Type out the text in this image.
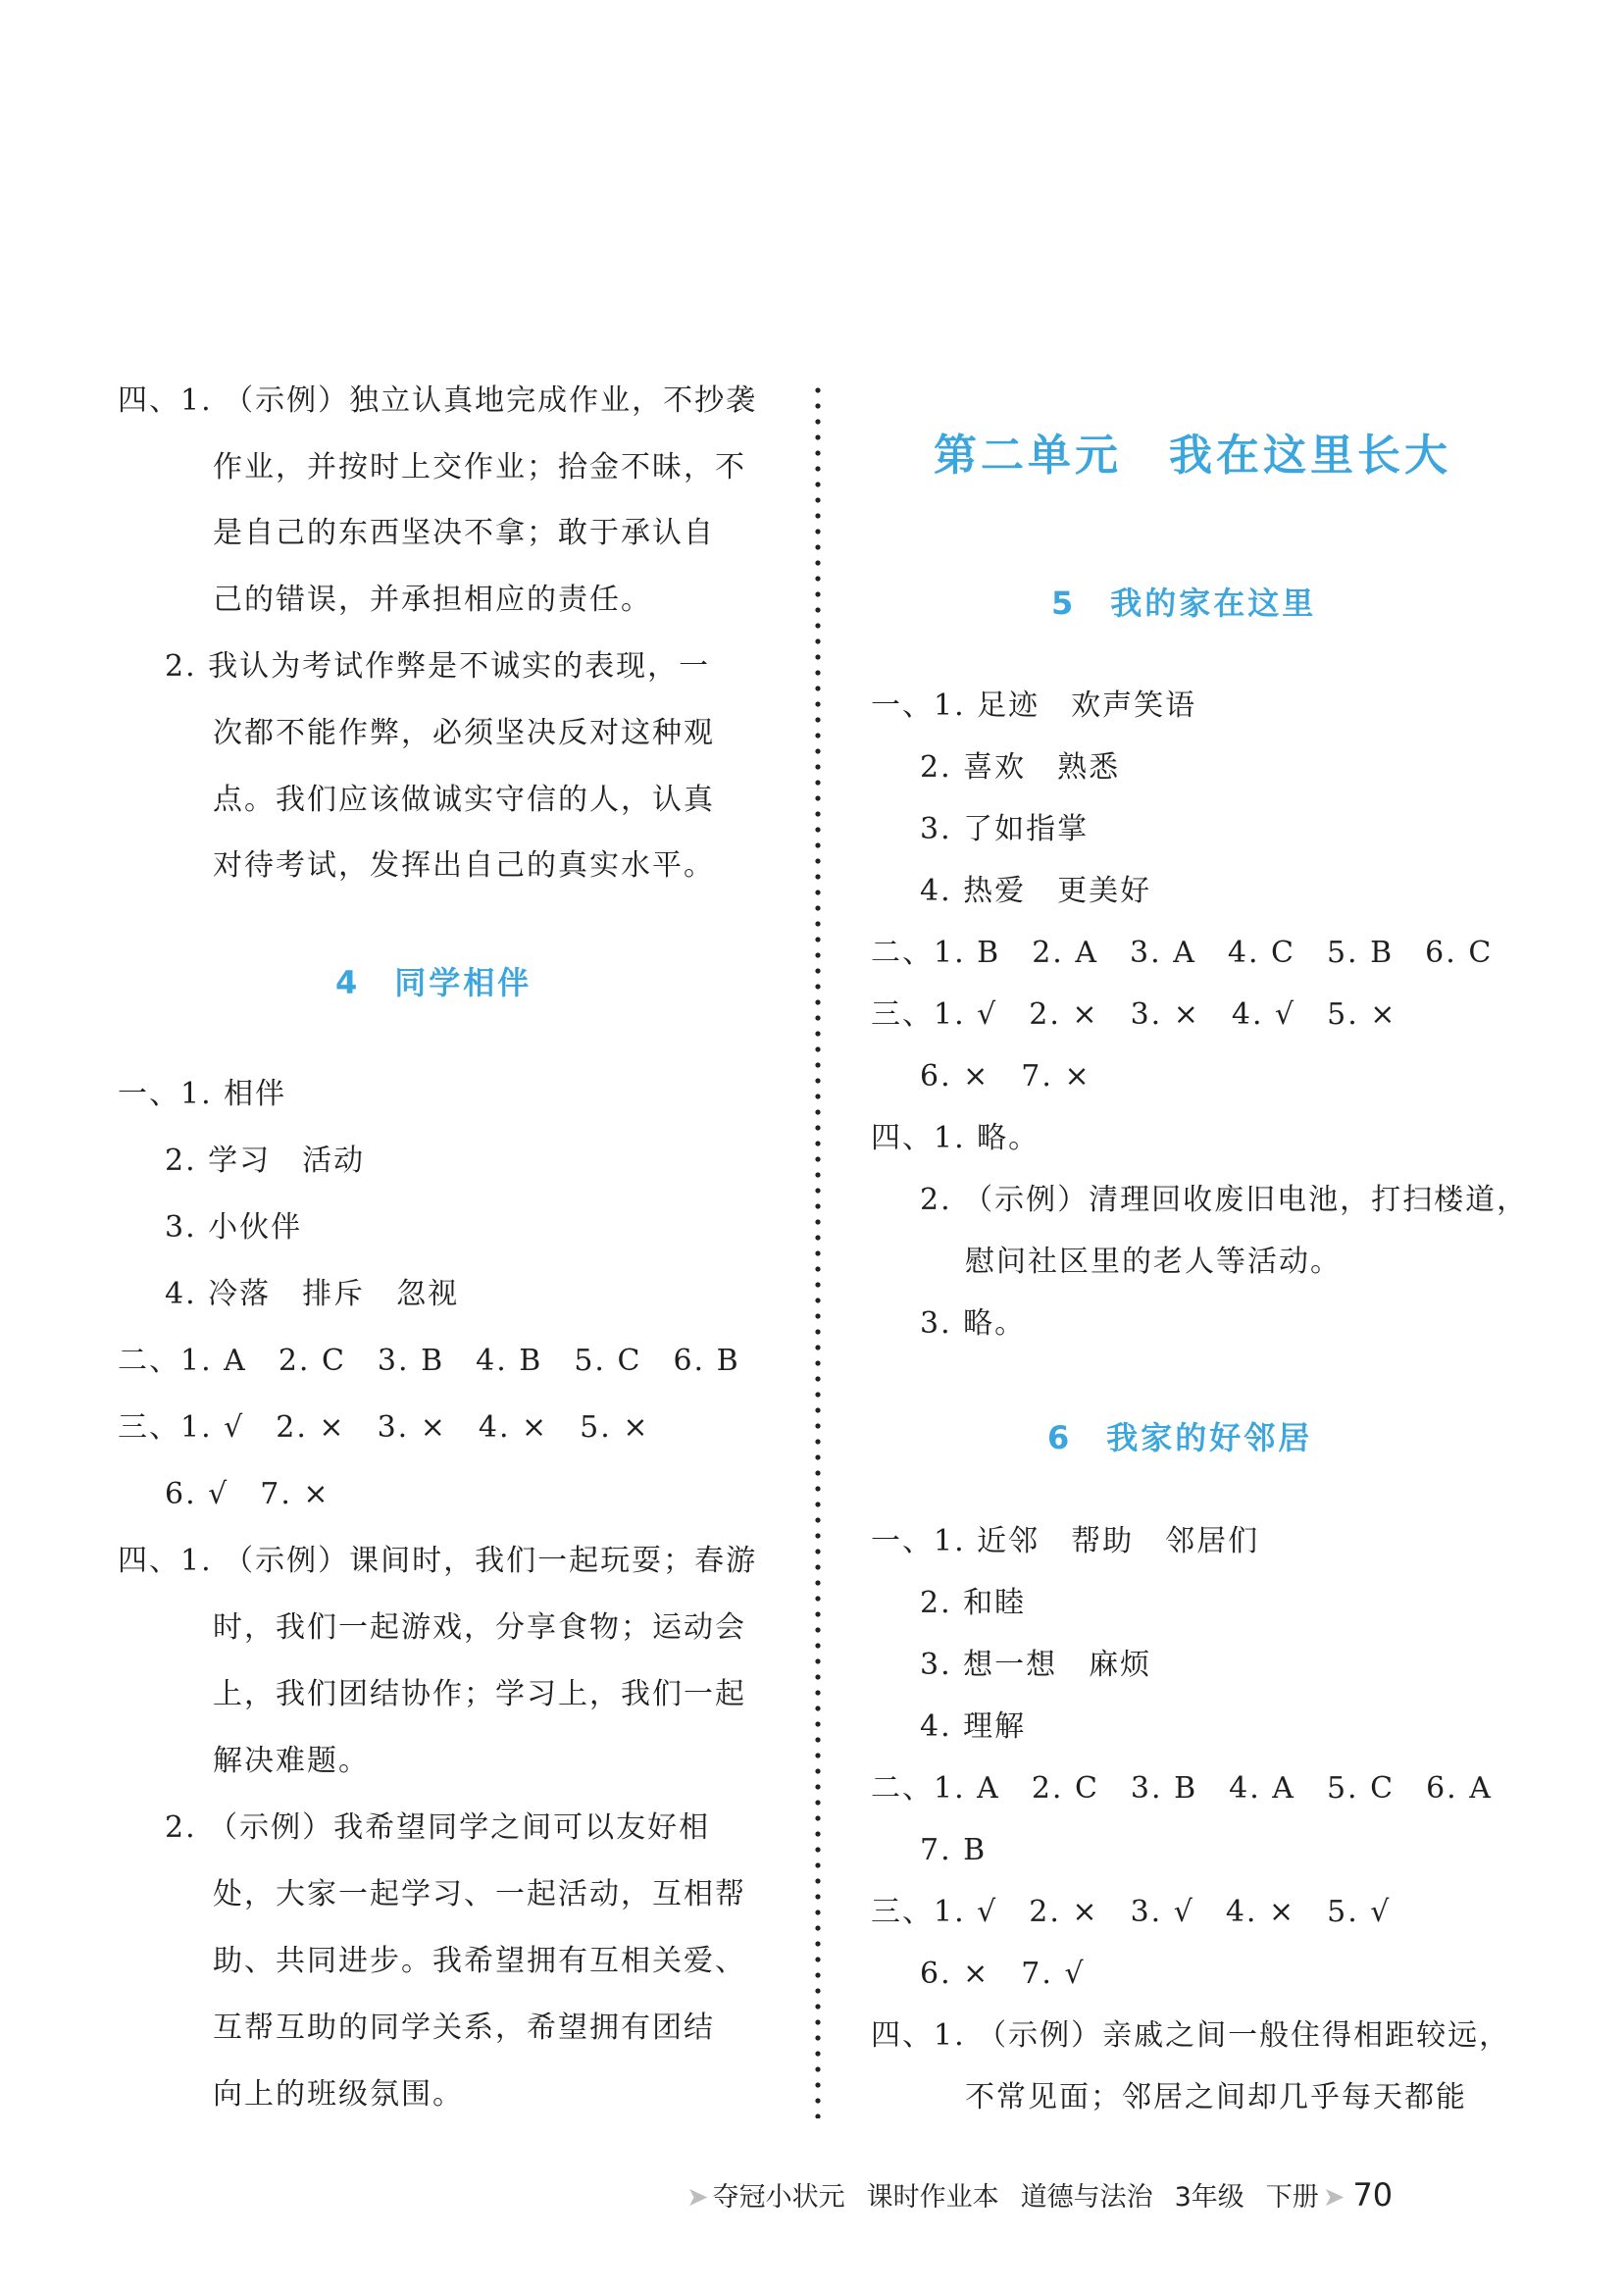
四、1. （示例）独立认真地完成作业，不抄袭
作业，并按时上交作业；拾金不昧，不
是自己的东西坚决不拿；敢于承认自
己的错误，并承担相应的责任。
2. 我认为考试作弊是不诚实的表现，一
次都不能作弊，必须坚决反对这种观
点。我们应该做诚实守信的人，认真
对待考试，发挥出自己的真实水平。
4　同学相伴
一、1. 相伴
2. 学习　活动
3. 小伙伴
4. 冷落　排斥　忽视
二、1. A　2. C　3. B　4. B　5. C　6. B
三、1. √　2. ×　3. ×　4. ×　5. ×
6. √　7. ×
四、1. （示例）课间时，我们一起玩耍；春游
时，我们一起游戏，分享食物；运动会
上，我们团结协作；学习上，我们一起
解决难题。
2. （示例）我希望同学之间可以友好相
处，大家一起学习、一起活动，互相帮
助、共同进步。我希望拥有互相关爱、
互帮互助的同学关系，希望拥有团结
向上的班级氛围。
第二单元　我在这里长大
5　我的家在这里
一、1. 足迹　欢声笑语
2. 喜欢　熟悉
3. 了如指掌
4. 热爱　更美好
二、1. B　2. A　3. A　4. C　5. B　6. C
三、1. √　2. ×　3. ×　4. √　5. ×
6. ×　7. ×
四、1. 略。
2. （示例）清理回收废旧电池，打扫楼道，
慰问社区里的老人等活动。
3. 略。
6　我家的好邻居
一、1. 近邻　帮助　邻居们
2. 和睦
3. 想一想　麻烦
4. 理解
二、1. A　2. C　3. B　4. A　5. C　6. A
7. B
三、1. √　2. ×　3. √　4. ×　5. √
6. ×　7. √
四、1. （示例）亲戚之间一般住得相距较远，
不常见面；邻居之间却几乎每天都能
➤ 夺冠小状元 课时作业本 道德与法治 3年级 下册 ➤ 70
